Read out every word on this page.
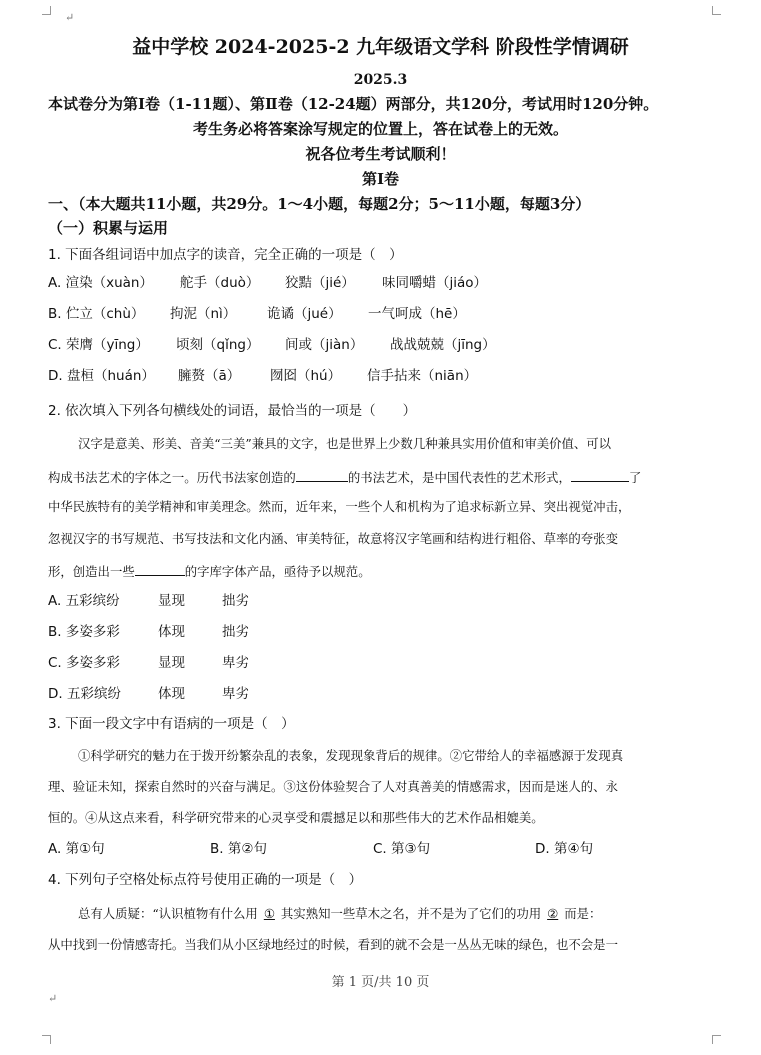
↵
益中学校 2024-2025-2 九年级语文学科 阶段性学情调研
2025.3
本试卷分为第Ⅰ卷（1-11题）、第Ⅱ卷（12-24题）两部分，共120分，考试用时120分钟。
考生务必将答案涂写规定的位置上，答在试卷上的无效。
祝各位考生考试顺利！
第Ⅰ卷
一、（本大题共11小题，共29分。1～4小题，每题2分；5～11小题，每题3分）
（一）积累与运用
1. 下面各组词语中加点字的读音，完全正确的一项是（　）
A. 渲染（xuàn） 舵手（duò） 狡黠（jié） 味同嚼蜡（jiáo）
B. 伫立（chù） 拘泥（nì） 诡谲（jué） 一气呵成（hē）
C. 荣膺（yīng） 顷刻（qǐng） 间或（jiàn） 战战兢兢（jīng）
D. 盘桓（huán） 臃赘（ā） 囫囵（hú） 信手拈来（niān）
2. 依次填入下列各句横线处的词语，最恰当的一项是（　　）
汉字是意美、形美、音美“三美”兼具的文字，也是世界上少数几种兼具实用价值和审美价值、可以
构成书法艺术的字体之一。历代书法家创造的	的书法艺术，是中国代表性的艺术形式，	了
中华民族特有的美学精神和审美理念。然而，近年来，一些个人和机构为了追求标新立异、突出视觉冲击，
忽视汉字的书写规范、书写技法和文化内涵、审美特征，故意将汉字笔画和结构进行粗俗、草率的夸张变
形，创造出一些	的字库字体产品，亟待予以规范。
A. 五彩缤纷	显现	拙劣
B. 多姿多彩	体现	拙劣
C. 多姿多彩	显现	卑劣
D. 五彩缤纷	体现	卑劣
3. 下面一段文字中有语病的一项是（　）
①科学研究的魅力在于拨开纷繁杂乱的表象，发现现象背后的规律。②它带给人的幸福感源于发现真
理、验证未知，探索自然时的兴奋与满足。③这份体验契合了人对真善美的情感需求，因而是迷人的、永
恒的。④从这点来看，科学研究带来的心灵享受和震撼足以和那些伟大的艺术作品相媲美。
A. 第①句	B. 第②句	C. 第③句	D. 第④句
4. 下列句子空格处标点符号使用正确的一项是（　）
总有人质疑：“认识植物有什么用 ① 其实熟知一些草木之名，并不是为了它们的功用 ② 而是：
从中找到一份情感寄托。当我们从小区绿地经过的时候，看到的就不会是一丛丛无味的绿色，也不会是一
第 1 页/共 10 页
↵
